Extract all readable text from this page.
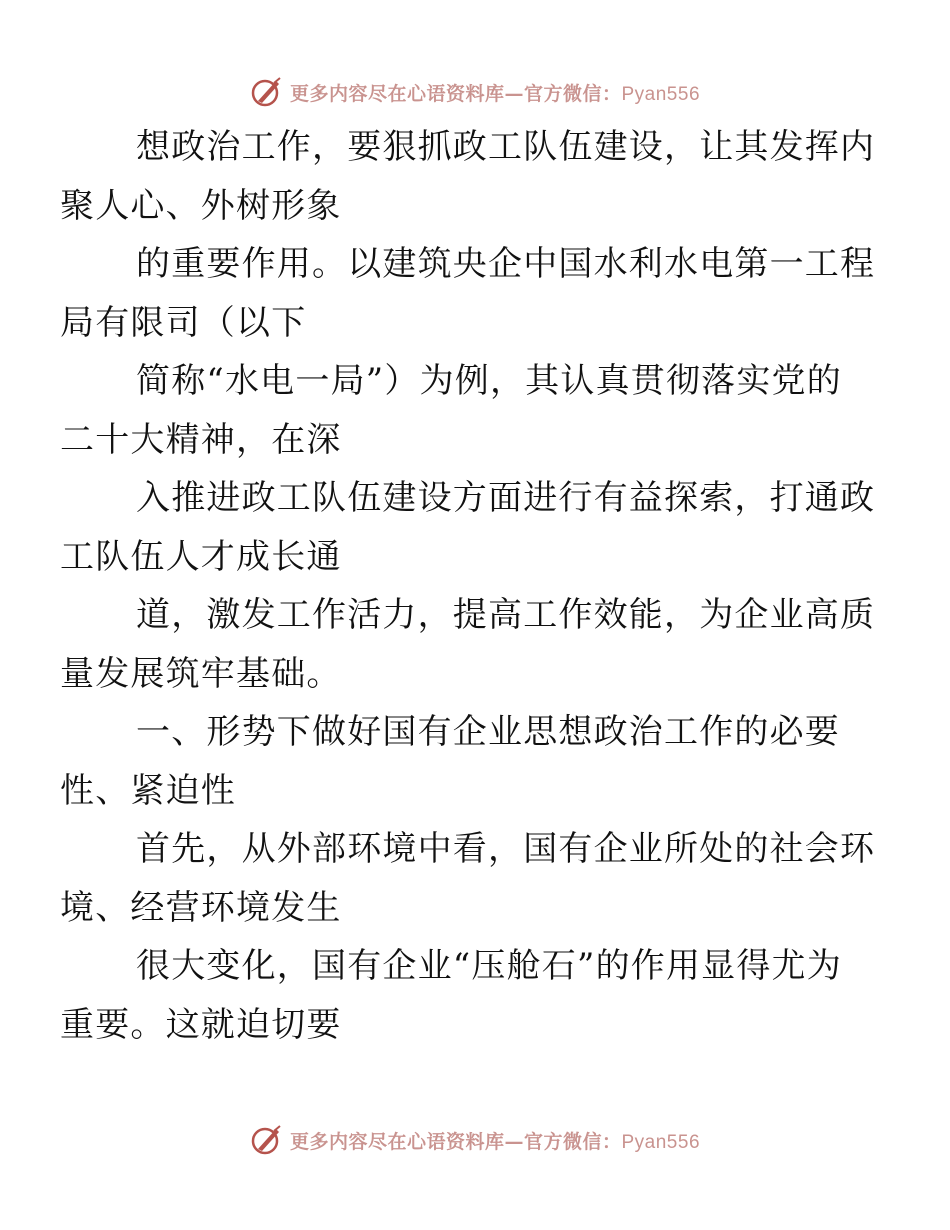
更多内容尽在心语资料库—官方微信：Pyan556
想政治工作，要狠抓政工队伍建设，让其发挥内
聚人心、外树形象
的重要作用。以建筑央企中国水利水电第一工程
局有限司（以下
简称“水电一局”）为例，其认真贯彻落实党的
二十大精神，在深
入推进政工队伍建设方面进行有益探索，打通政
工队伍人才成长通
道，激发工作活力，提高工作效能，为企业高质
量发展筑牢基础。
一、形势下做好国有企业思想政治工作的必要
性、紧迫性
首先，从外部环境中看，国有企业所处的社会环
境、经营环境发生
很大变化，国有企业“压舱石”的作用显得尤为
重要。这就迫切要
更多内容尽在心语资料库—官方微信：Pyan556
